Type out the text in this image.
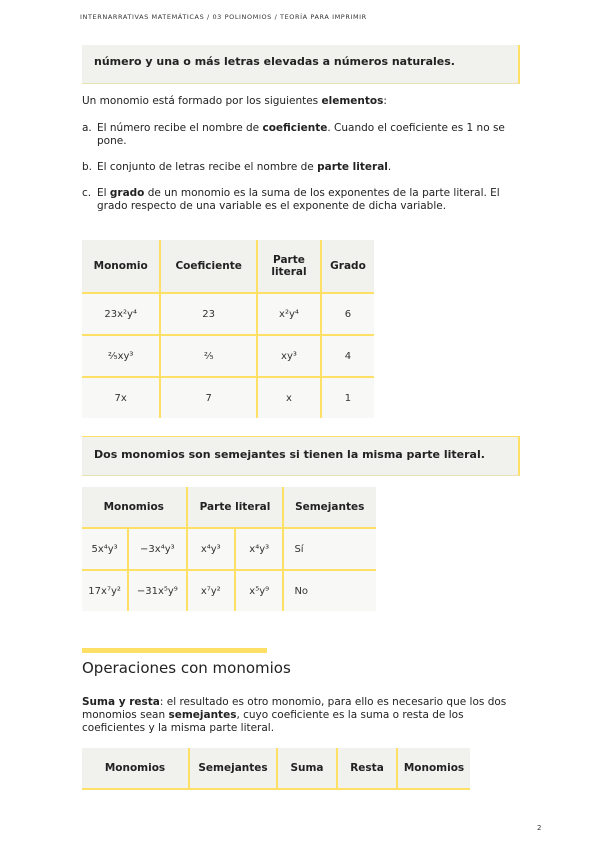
INTERNARRATIVAS MATEMÁTICAS / 03 POLINOMIOS / TEORÍA PARA IMPRIMIR
número y una o más letras elevadas a números naturales.
Un monomio está formado por los siguientes elementos:
a. El número recibe el nombre de coeficiente. Cuando el coeficiente es 1 no se pone.
b. El conjunto de letras recibe el nombre de parte literal.
c. El grado de un monomio es la suma de los exponentes de la parte literal. El grado respecto de una variable es el exponente de dicha variable.
Monomio	Coeficiente	Parte literal	Grado
23x²y⁴	23	x²y⁴	6
⅖xy³	⅖	xy³	4
7x	7	x	1
Dos monomios son semejantes si tienen la misma parte literal.
Monomios		Parte literal		Semejantes
5x⁴y³	−3x⁴y³	x⁴y³	x⁴y³	Sí
17x⁷y²	−31x⁵y⁹	x⁷y²	x⁵y⁹	No
Operaciones con monomios
Suma y resta: el resultado es otro monomio, para ello es necesario que los dos monomios sean semejantes, cuyo coeficiente es la suma o resta de los coeficientes y la misma parte literal.
Monomios	Semejantes	Suma	Resta	Monomios
2
